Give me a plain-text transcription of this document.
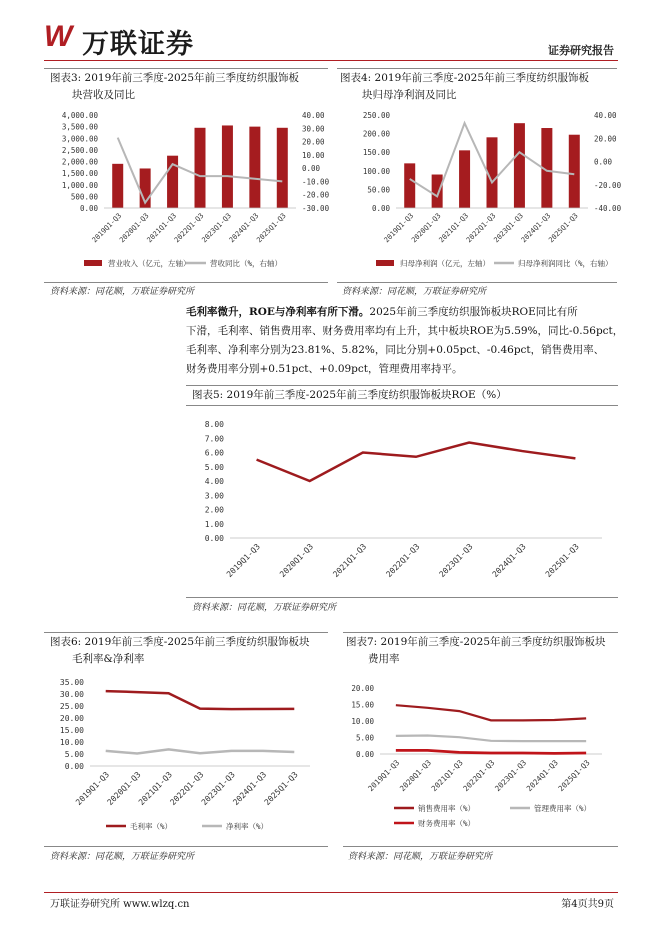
W 万联证券	证券研究报告
图表3: 2019年前三季度-2025年前三季度纺织服饰板
块营收及同比
图表4: 2019年前三季度-2025年前三季度纺织服饰板
块归母净利润及同比
4,000.00
3,500.00
3,000.00
2,500.00
2,000.00
1,500.00
1,000.00
500.00
0.00
40.00
30.00
20.00
10.00
0.00
-10.00
-20.00
-30.00
2019Q1-Q3
2020Q1-Q3
2021Q1-Q3
2022Q1-Q3
2023Q1-Q3
2024Q1-Q3
2025Q1-Q3
营业收入（亿元，左轴）	营收同比（%，右轴）
250.00
200.00
150.00
100.00
50.00
0.00
40.00
20.00
0.00
-20.00
-40.00
2019Q1-Q3
2020Q1-Q3
2021Q1-Q3
2022Q1-Q3
2023Q1-Q3
2024Q1-Q3
2025Q1-Q3
归母净利润（亿元，左轴）	归母净利润同比（%，右轴）
资料来源：同花顺，万联证券研究所	资料来源：同花顺，万联证券研究所
毛利率微升，ROE与净利率有所下滑。2025年前三季度纺织服饰板块ROE同比有所
下滑，毛利率、销售费用率、财务费用率均有上升，其中板块ROE为5.59%，同比-0.56pct，
毛利率、净利率分别为23.81%、5.82%，同比分别+0.05pct、-0.46pct，销售费用率、
财务费用率分别+0.51pct、+0.09pct，管理费用率持平。
图表5: 2019年前三季度-2025年前三季度纺织服饰板块ROE（%）
8.00
7.00
6.00
5.00
4.00
3.00
2.00
1.00
0.00
2019Q1-Q3 2020Q1-Q3 2021Q1-Q3 2022Q1-Q3 2023Q1-Q3 2024Q1-Q3 2025Q1-Q3
资料来源：同花顺，万联证券研究所
图表6: 2019年前三季度-2025年前三季度纺织服饰板块
毛利率&净利率
图表7: 2019年前三季度-2025年前三季度纺织服饰板块
费用率
35.00
30.00
25.00
20.00
15.00
10.00
5.00
0.00
2019Q1-Q3
2020Q1-Q3
2021Q1-Q3
2022Q1-Q3
2023Q1-Q3
2024Q1-Q3
2025Q1-Q3
毛利率（%）	净利率（%）
20.00
15.00
10.00
5.00
0.00
2019Q1-Q3
2020Q1-Q3
2021Q1-Q3
2022Q1-Q3
2023Q1-Q3
2024Q1-Q3
2025Q1-Q3
销售费用率（%）	管理费用率（%）
财务费用率（%）
资料来源：同花顺，万联证券研究所	资料来源：同花顺，万联证券研究所
万联证券研究所 www.wlzq.cn	第4页共9页
